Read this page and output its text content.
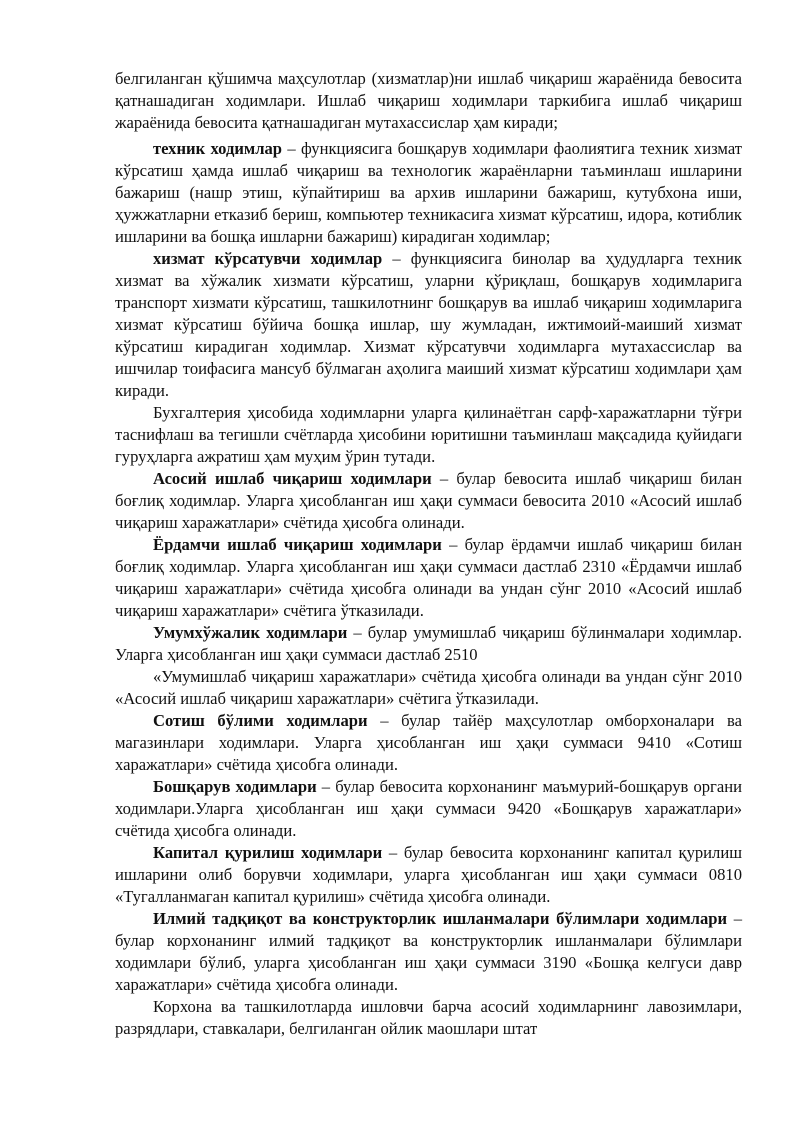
белгиланган қўшимча маҳсулотлар (хизматлар)ни ишлаб чиқариш жараёнида бевосита қатнашадиган ходимлари. Ишлаб чиқариш ходимлари таркибига ишлаб чиқариш жараёнида бевосита қатнашадиган мутахассислар ҳам киради;

техник ходимлар – функциясига бошқарув ходимлари фаолиятига техник хизмат кўрсатиш ҳамда ишлаб чиқариш ва технологик жараёнларни таъминлаш ишларини бажариш (нашр этиш, кўпайтириш ва архив ишларини бажариш, кутубхона иши, ҳужжатларни етказиб бериш, компьютер техникасига хизмат кўрсатиш, идора, котиблик ишларини ва бошқа ишларни бажариш) кирадиган ходимлар;

хизмат кўрсатувчи ходимлар – функциясига бинолар ва ҳудудларга техник хизмат ва хўжалик хизмати кўрсатиш, уларни қўриқлаш, бошқарув ходимларига транспорт хизмати кўрсатиш, ташкилотнинг бошқарув ва ишлаб чиқариш ходимларига хизмат кўрсатиш бўйича бошқа ишлар, шу жумладан, ижтимоий-маиший хизмат кўрсатиш кирадиган ходимлар. Хизмат кўрсатувчи ходимларга мутахассислар ва ишчилар тоифасига мансуб бўлмаган аҳолига маиший хизмат кўрсатиш ходимлари ҳам киради.

Бухгалтерия ҳисобида ходимларни уларга қилинаётган сарф-харажатларни тўғри таснифлаш ва тегишли счётларда ҳисобини юритишни таъминлаш мақсадида қуйидаги гуруҳларга ажратиш ҳам муҳим ўрин тутади.

Асосий ишлаб чиқариш ходимлари – булар бевосита ишлаб чиқариш билан боғлиқ ходимлар. Уларга ҳисобланган иш ҳақи суммаси бевосита 2010 «Асосий ишлаб чиқариш харажатлари» счётида ҳисобга олинади.

Ёрдамчи ишлаб чиқариш ходимлари – булар ёрдамчи ишлаб чиқариш билан боғлиқ ходимлар. Уларга ҳисобланган иш ҳақи суммаси дастлаб 2310 «Ёрдамчи ишлаб чиқариш харажатлари» счётида ҳисобга олинади ва ундан сўнг 2010 «Асосий ишлаб чиқариш харажатлари» счётига ўтказилади.

Умумхўжалик ходимлари – булар умумишлаб чиқариш бўлинмалари ходимлар. Уларга ҳисобланган иш ҳақи суммаси дастлаб 2510

«Умумишлаб чиқариш харажатлари» счётида ҳисобга олинади ва ундан сўнг 2010 «Асосий ишлаб чиқариш харажатлари» счётига ўтказилади.

Сотиш бўлими ходимлари – булар тайёр маҳсулотлар омборхоналари ва магазинлари ходимлари. Уларга ҳисобланган иш ҳақи суммаси 9410 «Сотиш харажатлари» счётида ҳисобга олинади.

Бошқарув ходимлари – булар бевосита корхонанинг маъмурий-бошқарув органи ходимлари.Уларга ҳисобланган иш ҳақи суммаси 9420 «Бошқарув харажатлари» счётида ҳисобга олинади.

Капитал қурилиш ходимлари – булар бевосита корхонанинг капитал қурилиш ишларини олиб борувчи ходимлари, уларга ҳисобланган иш ҳақи суммаси 0810 «Тугалланмаган капитал қурилиш» счётида ҳисобга олинади.

Илмий тадқиқот ва конструкторлик ишланмалари бўлимлари ходимлари – булар корхонанинг илмий тадқиқот ва конструкторлик ишланмалари бўлимлари ходимлари бўлиб, уларга ҳисобланган иш ҳақи суммаси 3190 «Бошқа келгуси давр харажатлари» счётида ҳисобга олинади.

Корхона ва ташкилотларда ишловчи барча асосий ходимларнинг лавозимлари, разрядлари, ставкалари, белгиланган ойлик маошлари штат
